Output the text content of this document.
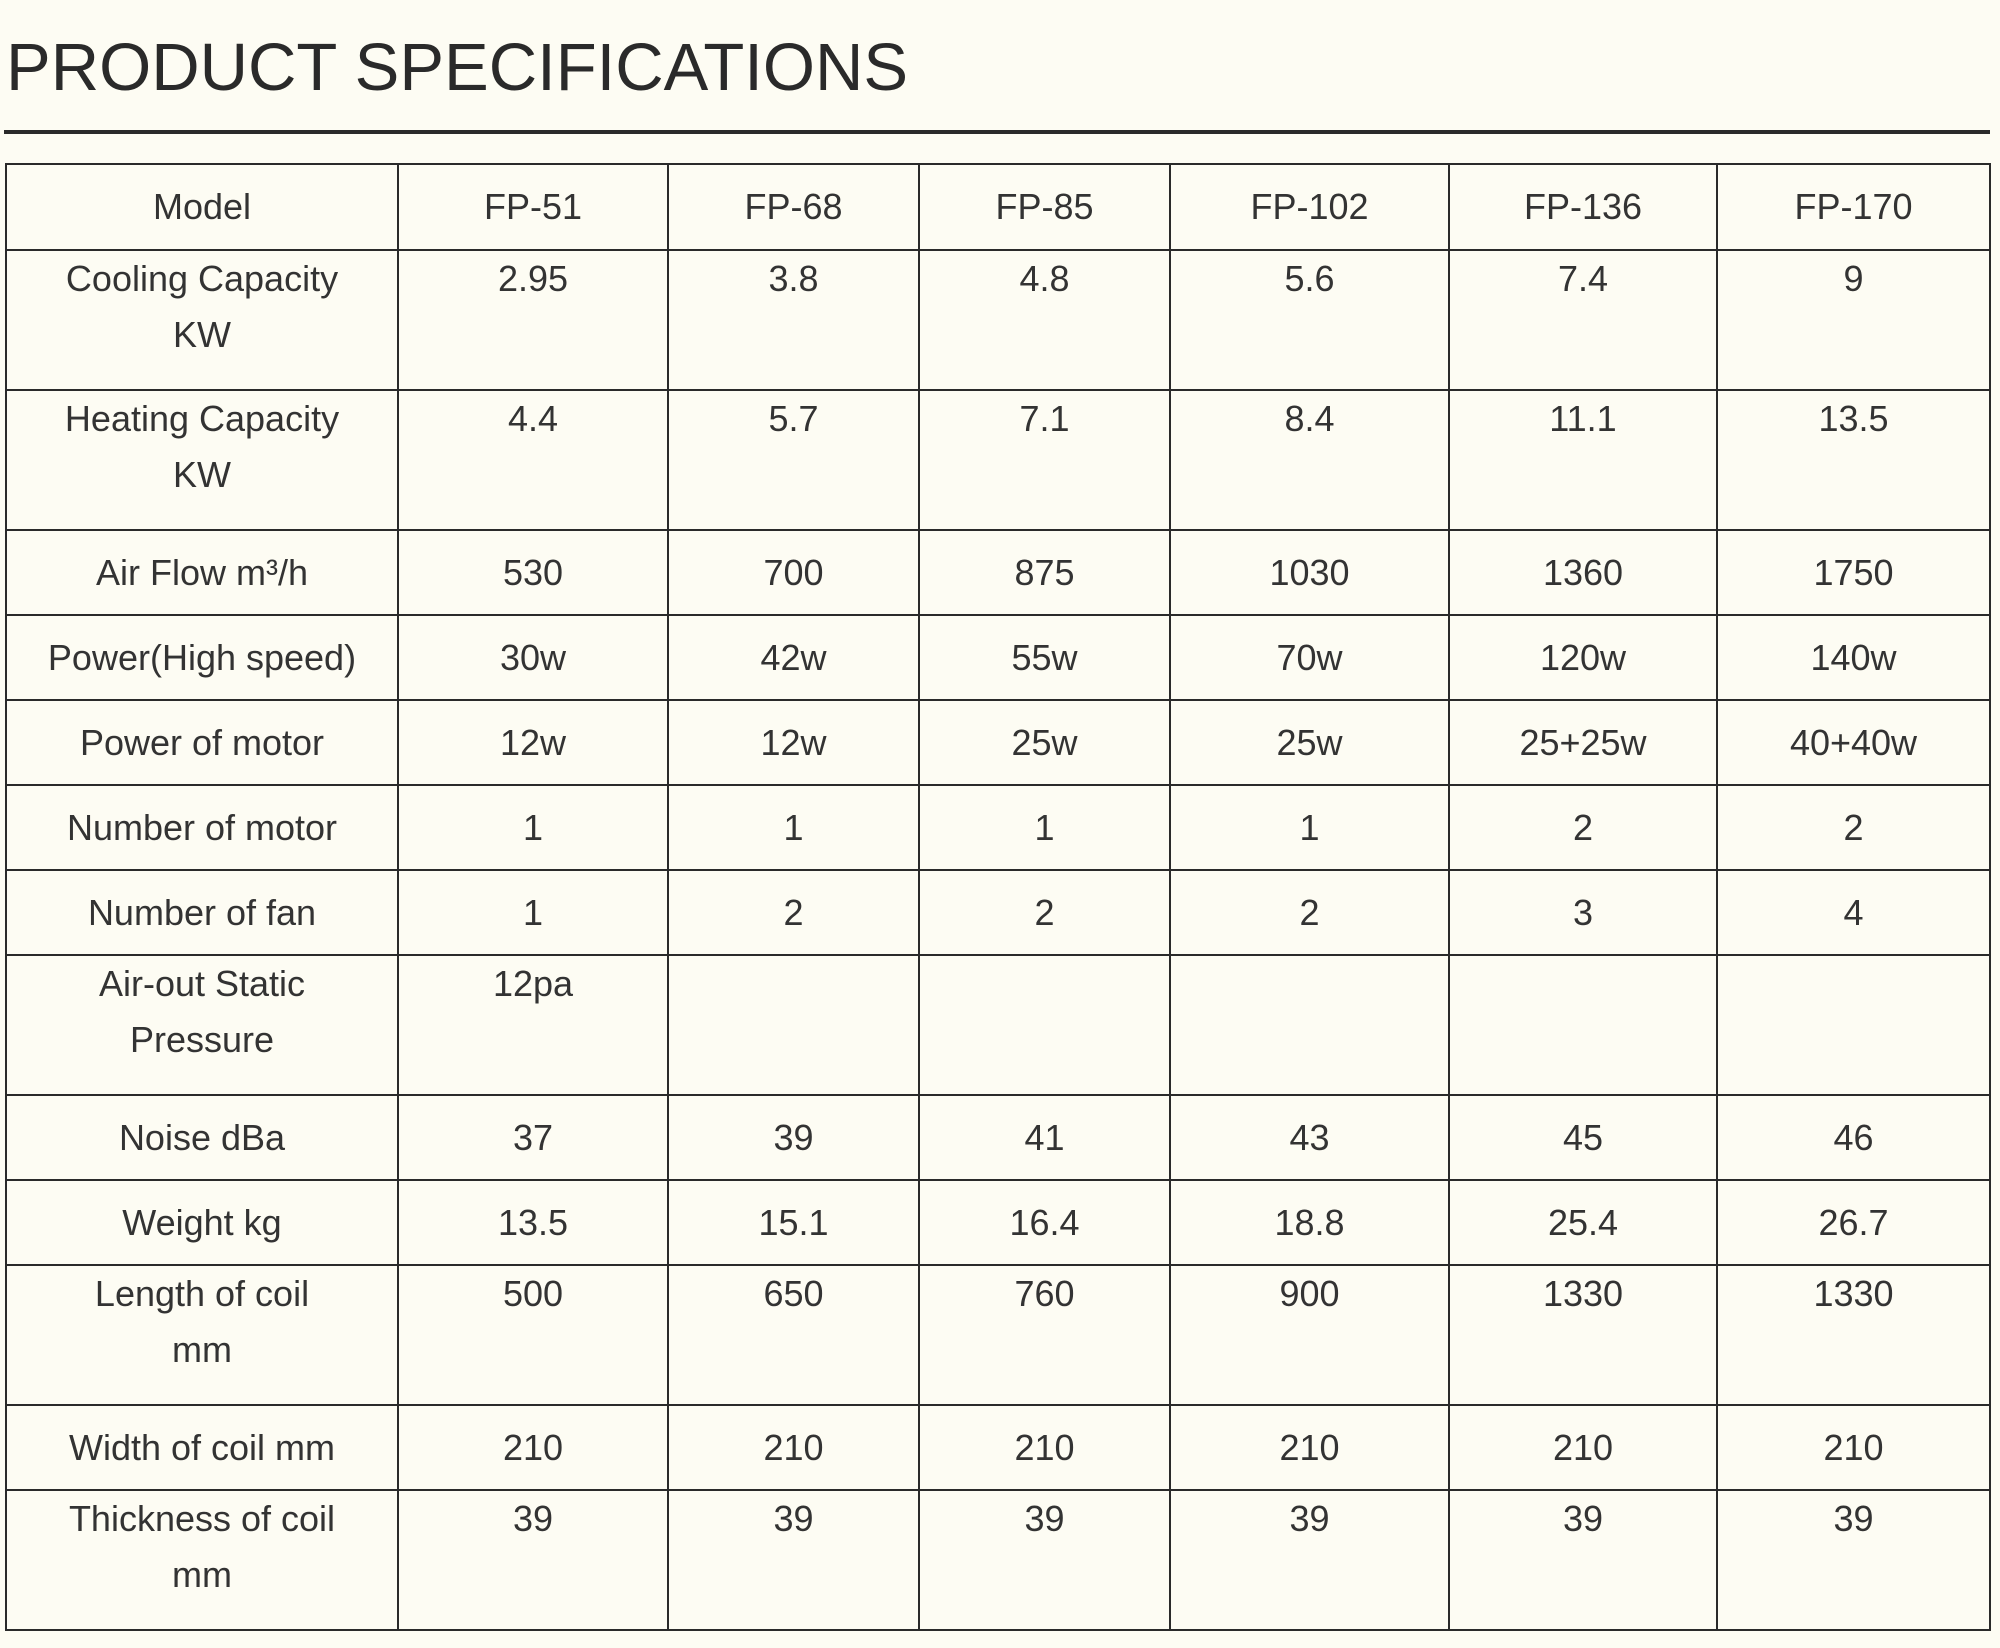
PRODUCT SPECIFICATIONS
Model	FP-51	FP-68	FP-85	FP-102	FP-136	FP-170

Cooling Capacity
KW	2.95	3.8	4.8	5.6	7.4	9

Heating Capacity
KW	4.4	5.7	7.1	8.4	11.1	13.5

Air Flow m³/h	530	700	875	1030	1360	1750

Power(High speed)	30w	42w	55w	70w	120w	140w

Power of motor	12w	12w	25w	25w	25+25w	40+40w

Number of motor	1	1	1	1	2	2

Number of fan	1	2	2	2	3	4

Air-out Static
Pressure	12pa					

Noise dBa	37	39	41	43	45	46

Weight kg	13.5	15.1	16.4	18.8	25.4	26.7

Length of coil
mm	500	650	760	900	1330	1330

Width of coil mm	210	210	210	210	210	210

Thickness of coil
mm	39	39	39	39	39	39
